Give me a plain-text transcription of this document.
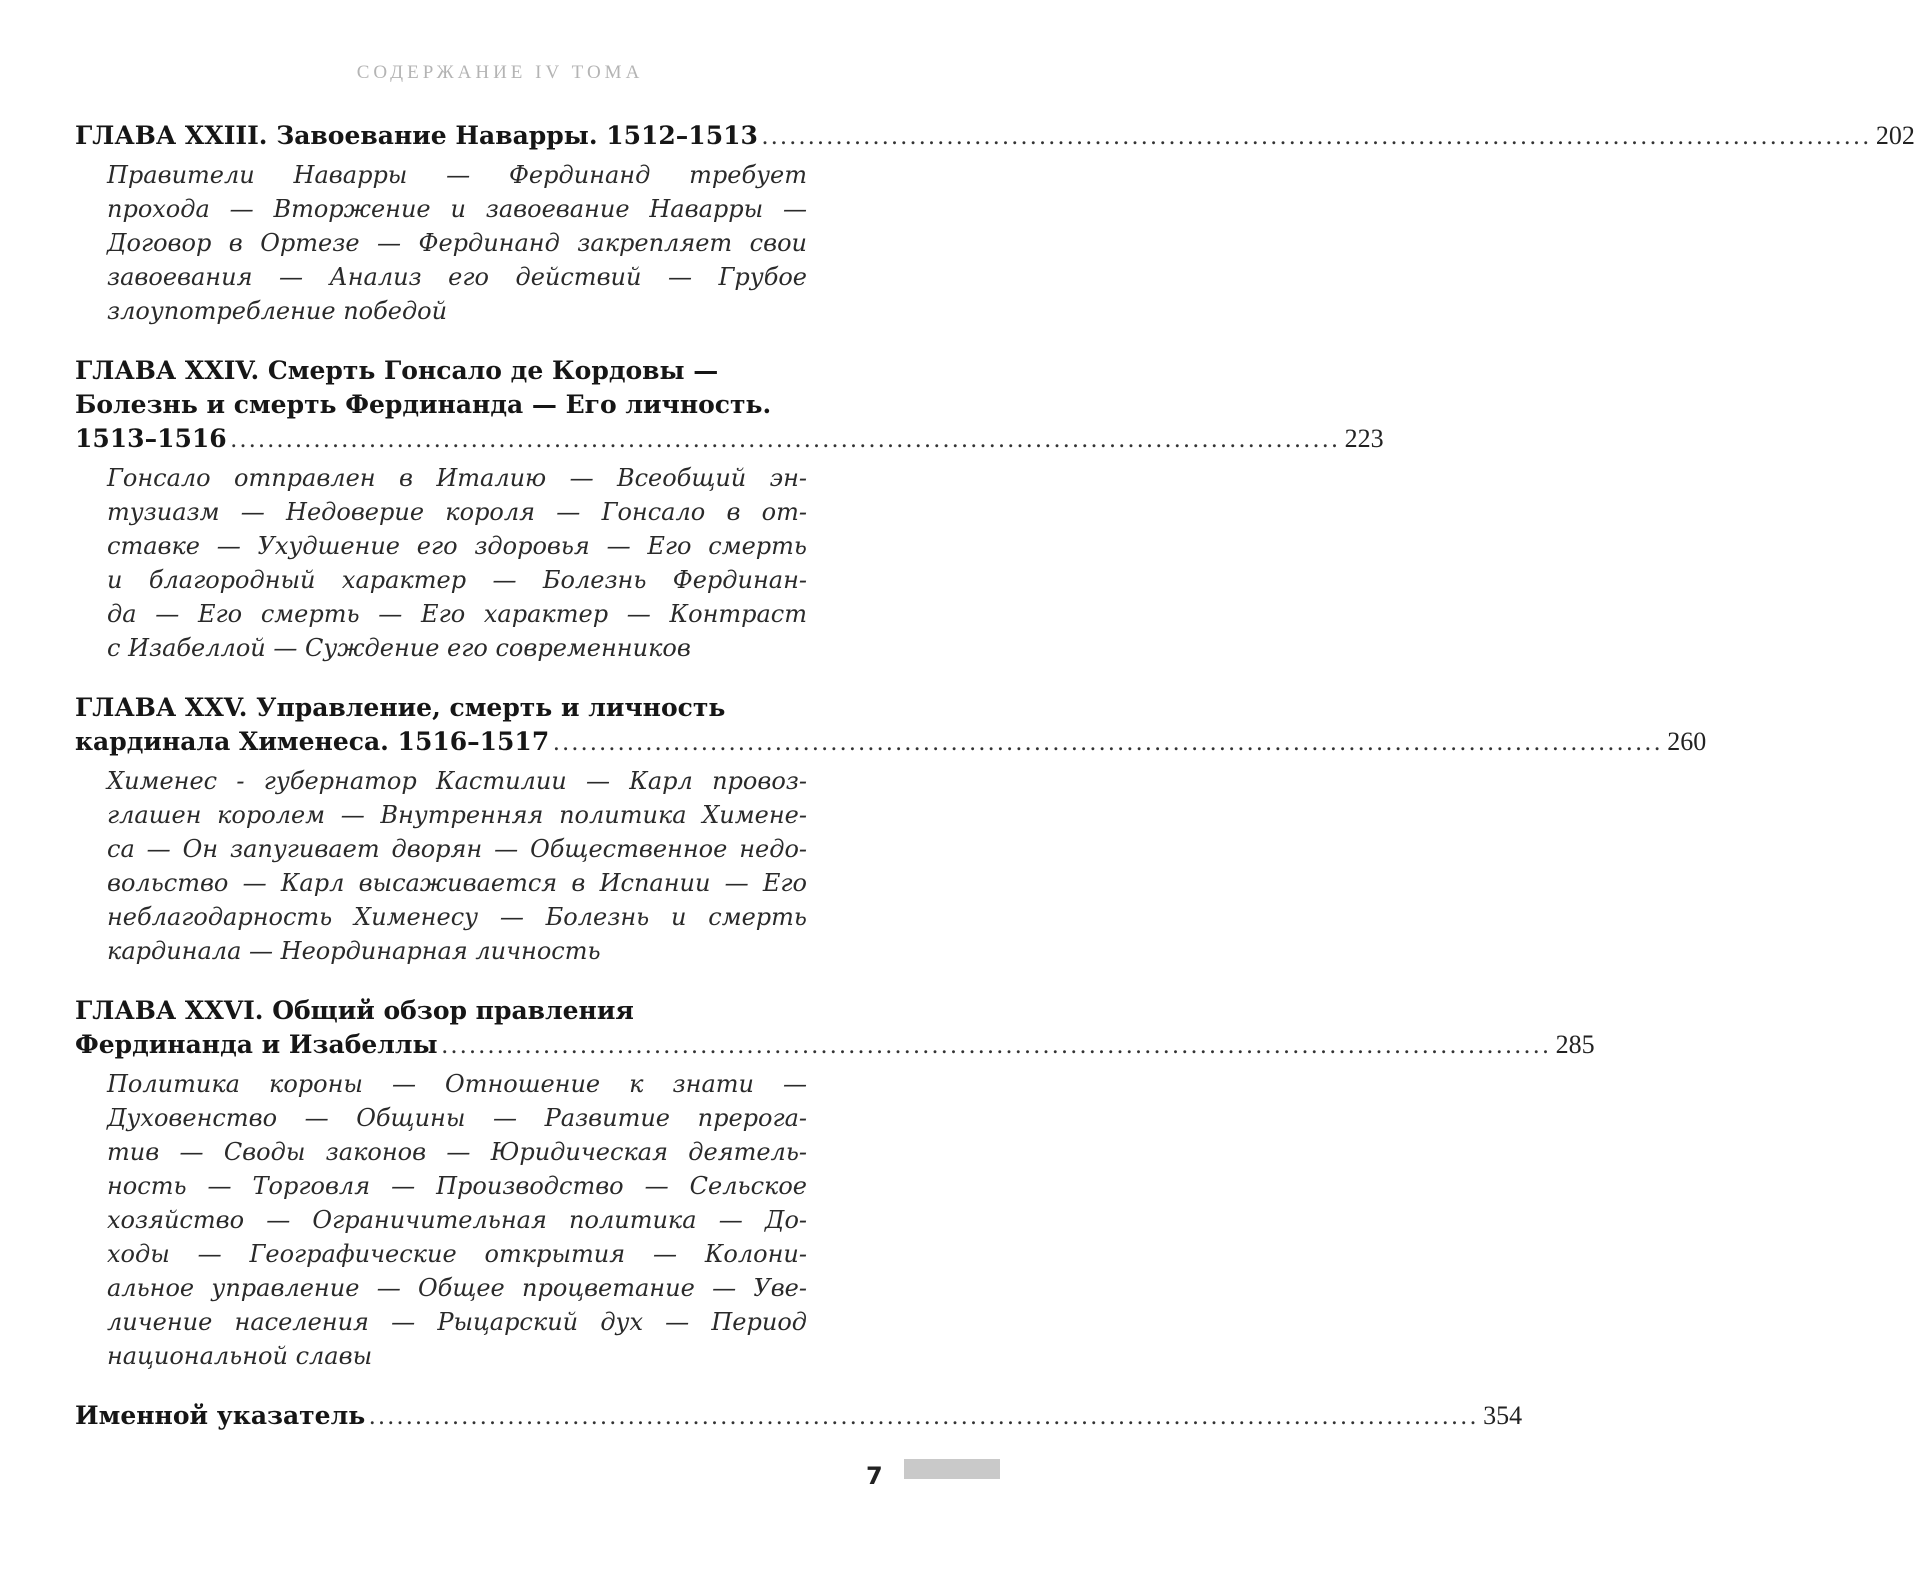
СОДЕРЖАНИЕ IV ТОМА
ГЛАВА XXIII. Завоевание Наварры. 1512–1513 ........................................................................................................................ 202
Правители Наварры — Фердинанд требует
прохода — Вторжение и завоевание Наварры —
Договор в Ортезе — Фердинанд закрепляет свои
завоевания — Анализ его действий — Грубое
злоупотребление победой
ГЛАВА XXIV. Смерть Гонсало де Кордовы —
Болезнь и смерть Фердинанда — Его личность.
1513–1516 ........................................................................................................................ 223
Гонсало отправлен в Италию — Всеобщий эн-
тузиазм — Недоверие короля — Гонсало в от-
ставке — Ухудшение его здоровья — Его смерть
и благородный характер — Болезнь Фердинан-
да — Его смерть — Его характер — Контраст
с Изабеллой — Суждение его современников
ГЛАВА XXV. Управление, смерть и личность
кардинала Хименеса. 1516–1517 ........................................................................................................................ 260
Хименес - губернатор Кастилии — Карл провоз-
глашен королем — Внутренняя политика Химене-
са — Он запугивает дворян — Общественное недо-
вольство — Карл высаживается в Испании — Его
неблагодарность Хименесу — Болезнь и смерть
кардинала — Неординарная личность
ГЛАВА XXVI. Общий обзор правления
Фердинанда и Изабеллы ........................................................................................................................ 285
Политика короны — Отношение к знати —
Духовенство — Общины — Развитие прерога-
тив — Своды законов — Юридическая деятель-
ность — Торговля — Производство — Сельское
хозяйство — Ограничительная политика — До-
ходы — Географические открытия — Колони-
альное управление — Общее процветание — Уве-
личение населения — Рыцарский дух — Период
национальной славы
Именной указатель ........................................................................................................................ 354
7
